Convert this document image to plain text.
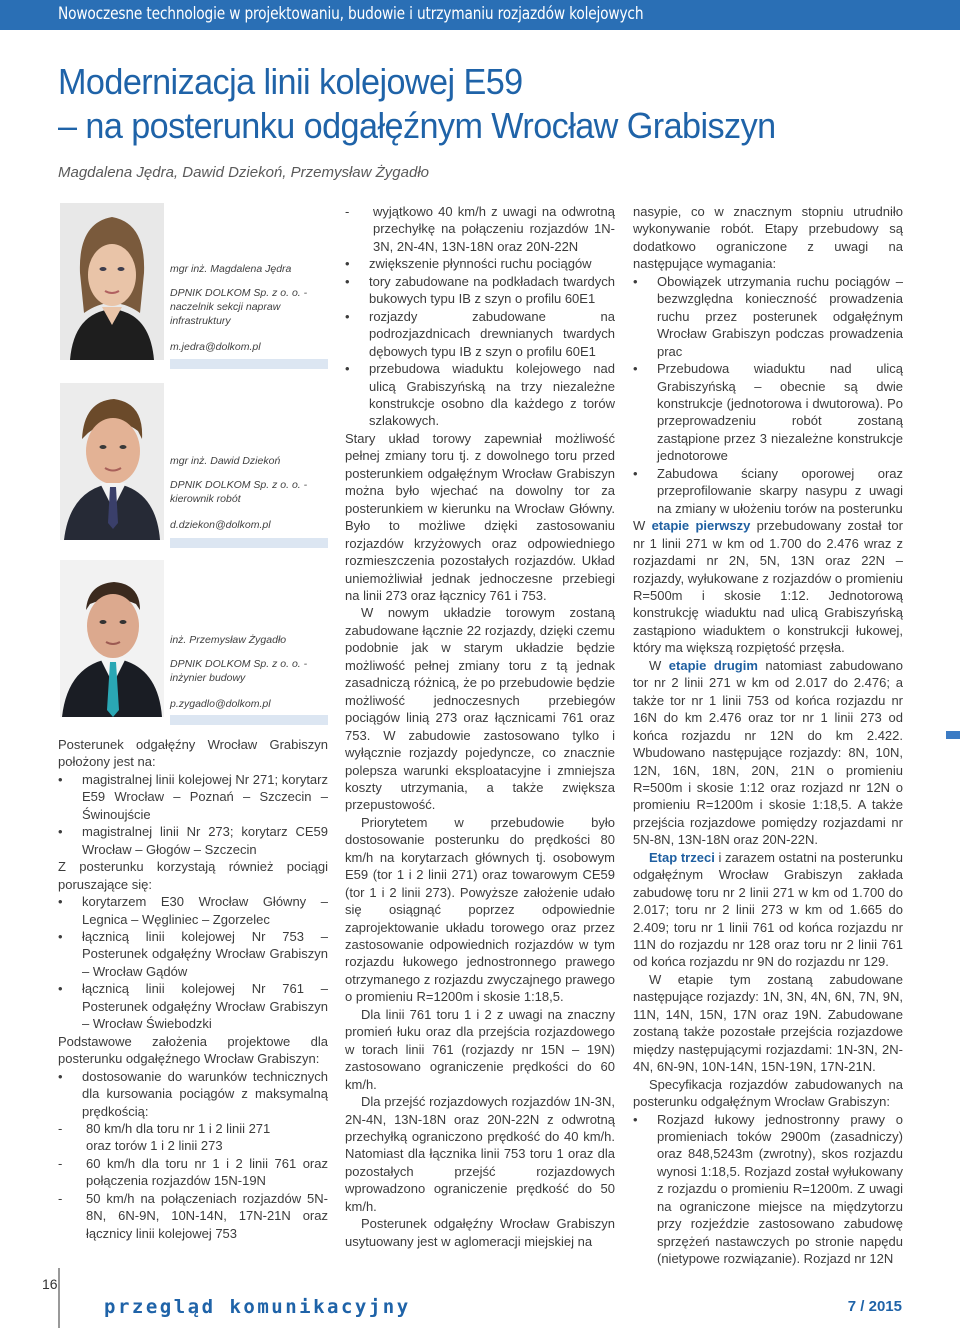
Nowoczesne technologie w projektowaniu, budowie i utrzymaniu rozjazdów kolejowych
Modernizacja linii kolejowej E59
– na posterunku odgałęźnym Wrocław Grabiszyn
Magdalena Jędra, Dawid Dziekoń, Przemysław Żygadło
mgr inż. Magdalena Jędra
DPNIK DOLKOM Sp. z o. o. - naczelnik sekcji napraw infrastruktury
m.jedra@dolkom.pl
mgr inż. Dawid Dziekoń
DPNIK DOLKOM Sp. z o. o. - kierownik robót
d.dziekon@dolkom.pl
inż. Przemysław Żygadło
DPNIK DOLKOM Sp. z o. o. - inżynier budowy
p.zygadlo@dolkom.pl

Posterunek odgałęźny Wrocław Grabiszyn położony jest na:

• magistralnej linii kolejowej Nr 271; korytarz E59 Wrocław – Poznań – Szczecin – Świnoujście
• magistralnej linii Nr 273; korytarz CE59 Wrocław – Głogów – Szczecin

Z posterunku korzystają również pociągi poruszające się:

• korytarzem E30 Wrocław Główny – Legnica – Węgliniec – Zgorzelec
• łącznicą linii kolejowej Nr 753 – Posterunek odgałęźny Wrocław Grabiszyn – Wrocław Gądów
• łącznicą linii kolejowej Nr 761 – Posterunek odgałęźny Wrocław Grabiszyn – Wrocław Świebodzki

Podstawowe założenia projektowe dla posterunku odgałęźnego Wrocław Grabiszyn:

• dostosowanie do warunków technicznych dla kursowania pociągów z maksymalną prędkością:
- 80 km/h dla toru nr 1 i 2 linii 271
oraz torów 1 i 2 linii 273
- 60 km/h dla toru nr 1 i 2 linii 761 oraz połączenia rozjazdów 15N-19N
- 50 km/h na połączeniach rozjazdów 5N-8N, 6N-9N, 10N-14N, 17N-21N oraz łącznicy linii kolejowej 753
- wyjątkowo 40 km/h z uwagi na odwrotną przechyłkę na połączeniu rozjazdów 1N-3N, 2N-4N, 13N-18N oraz 20N-22N
• zwiększenie płynności ruchu pociągów
• tory zabudowane na podkładach twardych bukowych typu IB z szyn o profilu 60E1
• rozjazdy zabudowane na podrozjazdnicach drewnianych twardych dębowych typu IB z szyn o profilu 60E1
• przebudowa wiaduktu kolejowego nad ulicą Grabiszyńską na trzy niezależne konstrukcje osobno dla każdego z torów szlakowych.

Stary układ torowy zapewniał możliwość pełnej zmiany toru tj. z dowolnego toru przed posterunkiem odgałęźnym Wrocław Grabiszyn można było wjechać na dowolny tor za posterunkiem w kierunku na Wrocław Główny. Było to możliwe dzięki zastosowaniu rozjazdów krzyżowych oraz odpowiedniego rozmieszczenia pozostałych rozjazdów. Układ uniemożliwiał jednak jednoczesne przebiegi na linii 273 oraz łącznicy 761 i 753.

W nowym układzie torowym zostaną zabudowane łącznie 22 rozjazdy, dzięki czemu podobnie jak w starym układzie będzie możliwość pełnej zmiany toru z tą jednak zasadniczą różnicą, że po przebudowie będzie możliwość jednoczesnych przebiegów pociągów linią 273 oraz łącznicami 761 oraz 753. W zabudowie zastosowano tylko i wyłącznie rozjazdy pojedyncze, co znacznie polepsza warunki eksploatacyjne i zmniejsza koszty utrzymania, a także zwiększa przepustowość.

Priorytetem w przebudowie było dostosowanie posterunku do prędkości 80 km/h na korytarzach głównych tj. osobowym E59 (tor 1 i 2 linii 271) oraz towarowym CE59 (tor 1 i 2 linii 273). Powyższe założenie udało się osiągnąć poprzez odpowiednie zaprojektowanie układu torowego oraz przez zastosowanie odpowiednich rozjazdów w tym rozjazdu łukowego jednostronnego prawego otrzymanego z rozjazdu zwyczajnego prawego o promieniu R=1200m i skosie 1:18,5.

Dla linii 761 toru 1 i 2 z uwagi na znaczny promień łuku oraz dla przejścia rozjazdowego w torach linii 761 (rozjazdy nr 15N – 19N) zastosowano ograniczenie prędkości do 60 km/h.

Dla przejść rozjazdowych rozjazdów 1N-3N, 2N-4N, 13N-18N oraz 20N-22N z odwrotną przechyłką ograniczono prędkość do 40 km/h. Natomiast dla łącznika linii 753 toru 1 oraz dla pozostałych przejść rozjazdowych wprowadzono ograniczenie prędkość do 50 km/h.

Posterunek odgałęźny Wrocław Grabiszyn usytuowany jest w aglomeracji miejskiej na

nasypie, co w znacznym stopniu utrudniło wykonywanie robót. Etapy przebudowy są dodatkowo ograniczone z uwagi na następujące wymagania:

• Obowiązek utrzymania ruchu pociągów – bezwzględna konieczność prowadzenia ruchu przez posterunek odgałęźnym Wrocław Grabiszyn podczas prowadzenia prac
• Przebudowa wiaduktu nad ulicą Grabiszyńską – obecnie są dwie konstrukcje (jednotorowa i dwutorowa). Po przeprowadzeniu robót zostaną zastąpione przez 3 niezależne konstrukcje jednotorowe
• Zabudowa ściany oporowej oraz przeprofilowanie skarpy nasypu z uwagi na zmiany w ułożeniu torów na posterunku

W etapie pierwszy przebudowany został tor nr 1 linii 271 w km od 1.700 do 2.476 wraz z rozjazdami nr 2N, 5N, 13N oraz 22N – rozjazdy, wyłukowane z rozjazdów o promieniu R=500m i skosie 1:12. Jednotorową konstrukcję wiaduktu nad ulicą Grabiszyńską zastąpiono wiaduktem o konstrukcji łukowej, który ma większą rozpiętość przęsła.

W etapie drugim natomiast zabudowano tor nr 2 linii 271 w km od 2.017 do 2.476; a także tor nr 1 linii 753 od końca rozjazdu nr 16N do km 2.476 oraz tor nr 1 linii 273 od końca rozjazdu nr 12N do km 2.422. Wbudowano następujące rozjazdy: 8N, 10N, 12N, 16N, 18N, 20N, 21N o promieniu R=500m i skosie 1:12 oraz rozjazd nr 12N o promieniu R=1200m i skosie 1:18,5. A także przejścia rozjazdowe pomiędzy rozjazdami nr 5N-8N, 13N-18N oraz 20N-22N.

Etap trzeci i zarazem ostatni na posterunku odgałęźnym Wrocław Grabiszyn zakłada zabudowę toru nr 2 linii 271 w km od 1.700 do 2.017; toru nr 2 linii 273 w km od 1.665 do 2.409; toru nr 1 linii 761 od końca rozjazdu nr 11N do rozjazdu nr 128 oraz toru nr 2 linii 761 od końca rozjazdu nr 9N do rozjazdu nr 129.

W etapie tym zostaną zabudowane następujące rozjazdy: 1N, 3N, 4N, 6N, 7N, 9N, 11N, 14N, 15N, 17N oraz 19N. Zabudowane zostaną także pozostałe przejścia rozjazdowe między następującymi rozjazdami: 1N-3N, 2N-4N, 6N-9N, 10N-14N, 15N-19N, 17N-21N.

Specyfikacja rozjazdów zabudowanych na posterunku odgałęźnym Wrocław Grabiszyn:

• Rozjazd łukowy jednostronny prawy o promieniach toków 2900m (zasadniczy) oraz 848,5243m (zwrotny), skos rozjazdu wynosi 1:18,5. Rozjazd został wyłukowany z rozjazdu o promieniu R=1200m. Z uwagi na ograniczone miejsce na międzytorzu przy rozjeździe zastosowano zabudowę sprzężeń nastawczych po stronie napędu (nietypowe rozwiązanie). Rozjazd nr 12N
16
przegląd komunikacyjny	7 / 2015
